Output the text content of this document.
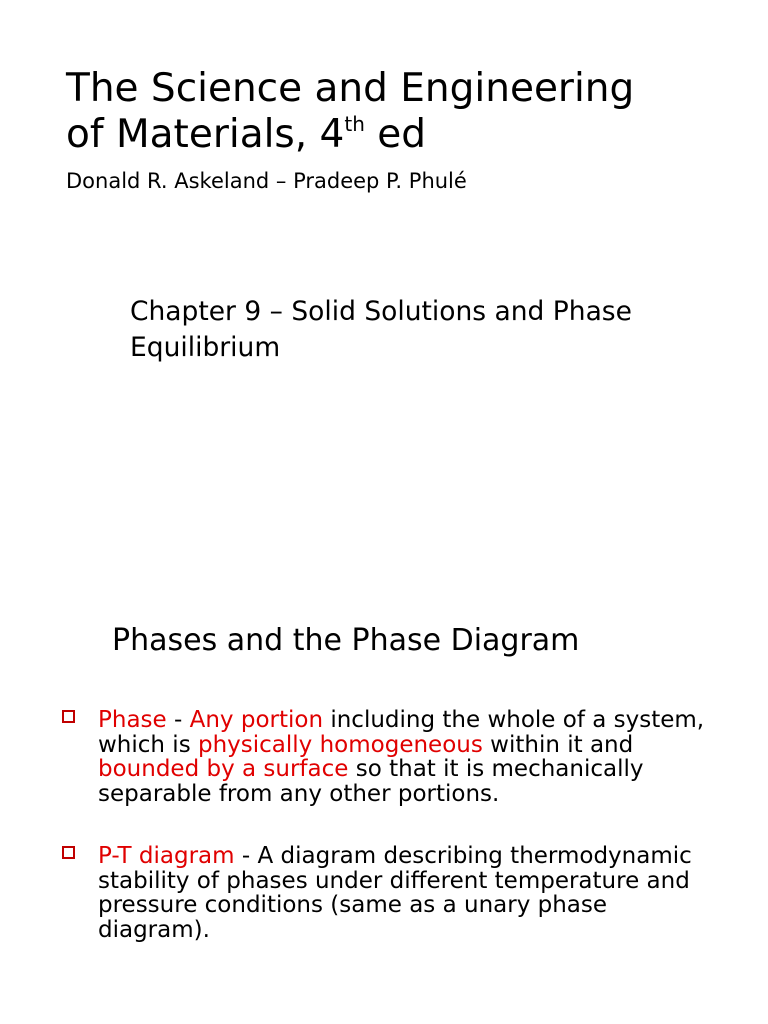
The Science and Engineering
of Materials, 4th ed
Donald R. Askeland – Pradeep P. Phulé
Chapter 9 – Solid Solutions and Phase Equilibrium
Phases and the Phase Diagram
Phase - Any portion including the whole of a system, which is physically homogeneous within it and bounded by a surface so that it is mechanically separable from any other portions.
P-T diagram - A diagram describing thermodynamic stability of phases under different temperature and pressure conditions (same as a unary phase diagram).
